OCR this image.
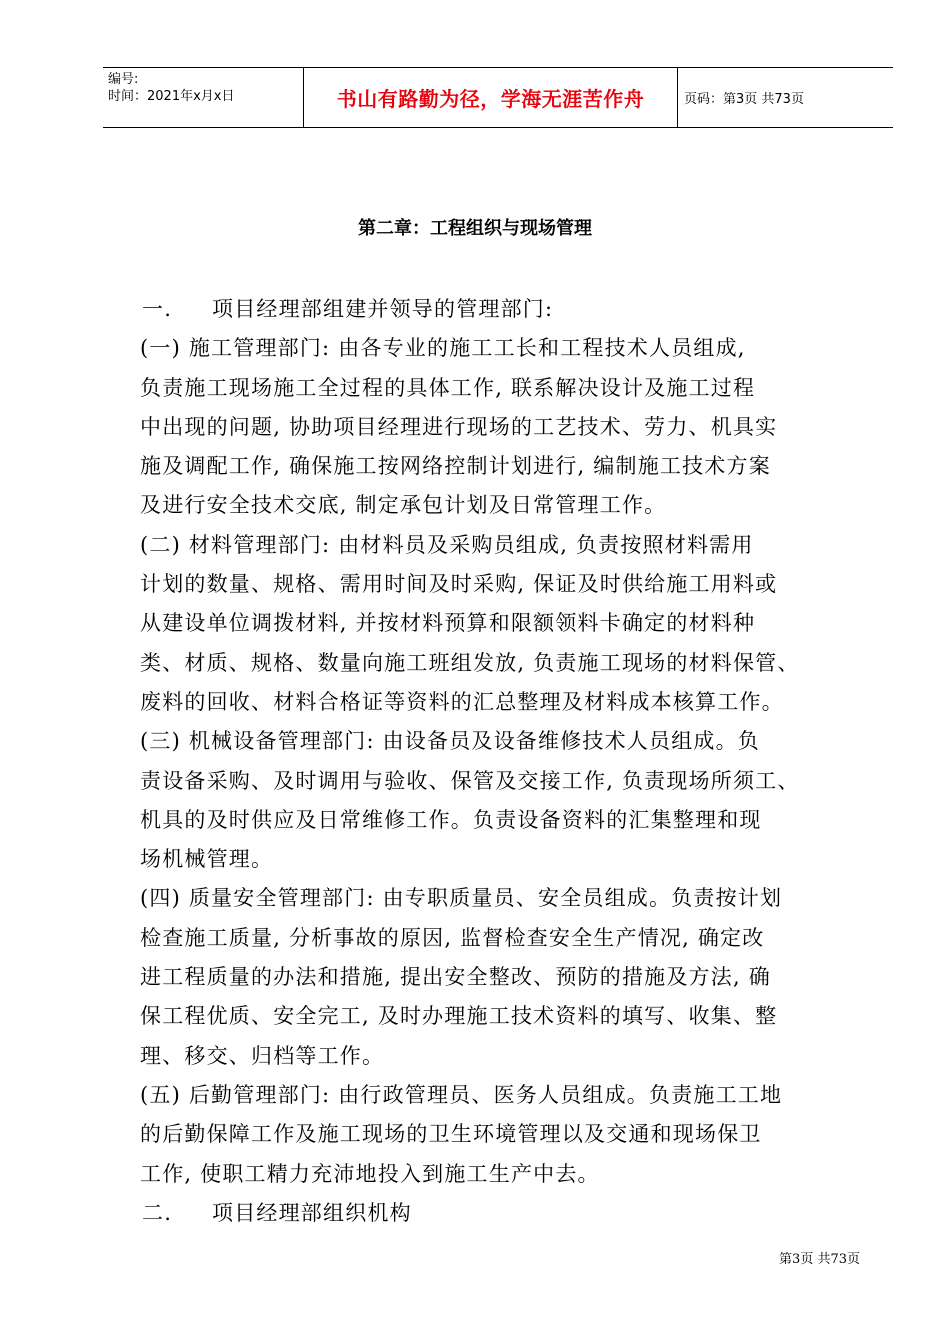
编号:
时间：2021年x月x日	书山有路勤为径，学海无涯苦作舟	页码：第3页 共73页
第二章：工程组织与现场管理
一. 项目经理部组建并领导的管理部门:
(一) 施工管理部门: 由各专业的施工工长和工程技术人员组成,
负责施工现场施工全过程的具体工作, 联系解决设计及施工过程
中出现的问题, 协助项目经理进行现场的工艺技术、劳力、机具实
施及调配工作, 确保施工按网络控制计划进行, 编制施工技术方案
及进行安全技术交底, 制定承包计划及日常管理工作。
(二) 材料管理部门: 由材料员及采购员组成, 负责按照材料需用
计划的数量、规格、需用时间及时采购, 保证及时供给施工用料或
从建设单位调拨材料, 并按材料预算和限额领料卡确定的材料种
类、材质、规格、数量向施工班组发放, 负责施工现场的材料保管、
废料的回收、材料合格证等资料的汇总整理及材料成本核算工作。
(三) 机械设备管理部门: 由设备员及设备维修技术人员组成。负
责设备采购、及时调用与验收、保管及交接工作, 负责现场所须工、
机具的及时供应及日常维修工作。负责设备资料的汇集整理和现
场机械管理。
(四) 质量安全管理部门: 由专职质量员、安全员组成。负责按计划
检查施工质量, 分析事故的原因, 监督检查安全生产情况, 确定改
进工程质量的办法和措施, 提出安全整改、预防的措施及方法, 确
保工程优质、安全完工, 及时办理施工技术资料的填写、收集、整
理、移交、归档等工作。
(五) 后勤管理部门: 由行政管理员、医务人员组成。负责施工工地
的后勤保障工作及施工现场的卫生环境管理以及交通和现场保卫
工作, 使职工精力充沛地投入到施工生产中去。
二. 项目经理部组织机构
第3页 共73页
